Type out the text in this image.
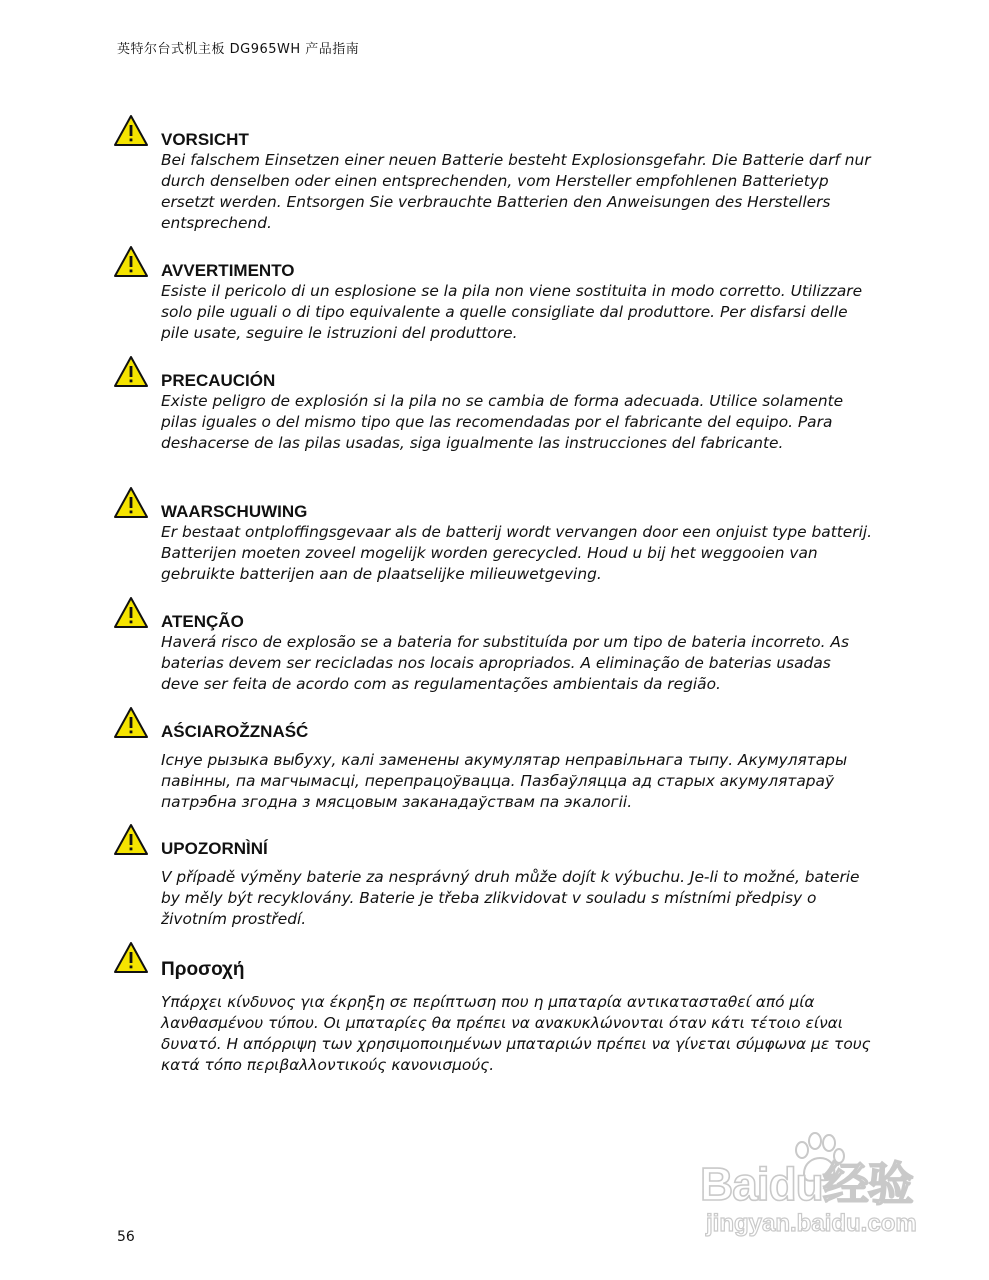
英特尔台式机主板 DG965WH 产品指南
VORSICHT
Bei falschem Einsetzen einer neuen Batterie besteht Explosionsgefahr. Die Batterie darf nur durch denselben oder einen entsprechenden, vom Hersteller empfohlenen Batterietyp ersetzt werden. Entsorgen Sie verbrauchte Batterien den Anweisungen des Herstellers entsprechend.
AVVERTIMENTO
Esiste il pericolo di un esplosione se la pila non viene sostituita in modo corretto. Utilizzare solo pile uguali o di tipo equivalente a quelle consigliate dal produttore. Per disfarsi delle pile usate, seguire le istruzioni del produttore.
PRECAUCIÓN
Existe peligro de explosión si la pila no se cambia de forma adecuada. Utilice solamente pilas iguales o del mismo tipo que las recomendadas por el fabricante del equipo. Para deshacerse de las pilas usadas, siga igualmente las instrucciones del fabricante.
WAARSCHUWING
Er bestaat ontploffingsgevaar als de batterij wordt vervangen door een onjuist type batterij. Batterijen moeten zoveel mogelijk worden gerecycled. Houd u bij het weggooien van gebruikte batterijen aan de plaatselijke milieuwetgeving.
ATENÇÃO
Haverá risco de explosão se a bateria for substituída por um tipo de bateria incorreto. As baterias devem ser recicladas nos locais apropriados. A eliminação de baterias usadas deve ser feita de acordo com as regulamentações ambientais da região.
AŚCIAROŽZNAŚĆ
Існуе рызыка выбуху, калі заменены акумулятар неправільнага тыпу. Акумулятары павінны, па магчымасці, перепрацоўвацца. Пазбаўляцца ад старых акумулятараў патрэбна згодна з мясцовым заканадаўствам па экалогіі.
UPOZORNÌNÍ
V případě výměny baterie za nesprávný druh může dojít k výbuchu. Je-li to možné, baterie by měly být recyklovány. Baterie je třeba zlikvidovat v souladu s místními předpisy o životním prostředí.
Προσοχή
Υπάρχει κίνδυνος για έκρηξη σε περίπτωση που η μπαταρία αντικατασταθεί από μία λανθασμένου τύπου. Οι μπαταρίες θα πρέπει να ανακυκλώνονται όταν κάτι τέτοιο είναι δυνατό. Η απόρριψη των χρησιμοποιημένων μπαταριών πρέπει να γίνεται σύμφωνα με τους κατά τόπο περιβαλλοντικούς κανονισμούς.
Baidu经验
jingyan.baidu.com
56
